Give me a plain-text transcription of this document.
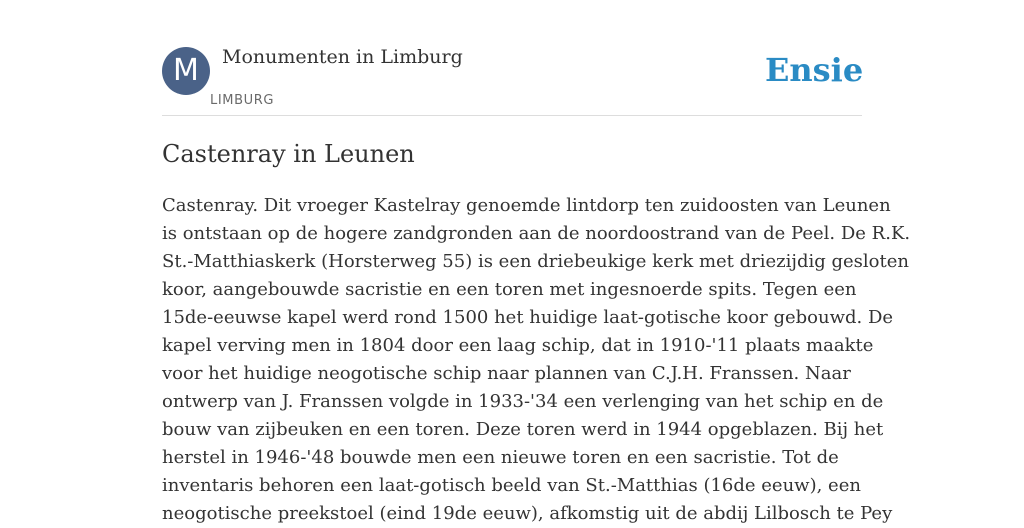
M	Monumenten in Limburg
LIMBURG
Ensie
Castenray in Leunen
Castenray. Dit vroeger Kastelray genoemde lintdorp ten zuidoosten van Leunen
is ontstaan op de hogere zandgronden aan de noordoostrand van de Peel. De R.K.
St.-Matthiaskerk (Horsterweg 55) is een driebeukige kerk met driezijdig gesloten
koor, aangebouwde sacristie en een toren met ingesnoerde spits. Tegen een
15de-eeuwse kapel werd rond 1500 het huidige laat-gotische koor gebouwd. De
kapel verving men in 1804 door een laag schip, dat in 1910-'11 plaats maakte
voor het huidige neogotische schip naar plannen van C.J.H. Franssen. Naar
ontwerp van J. Franssen volgde in 1933-'34 een verlenging van het schip en de
bouw van zijbeuken en een toren. Deze toren werd in 1944 opgeblazen. Bij het
herstel in 1946-'48 bouwde men een nieuwe toren en een sacristie. Tot de
inventaris behoren een laat-gotisch beeld van St.-Matthias (16de eeuw), een
neogotische preekstoel (eind 19de eeuw), afkomstig uit de abdij Lilbosch te Pey
